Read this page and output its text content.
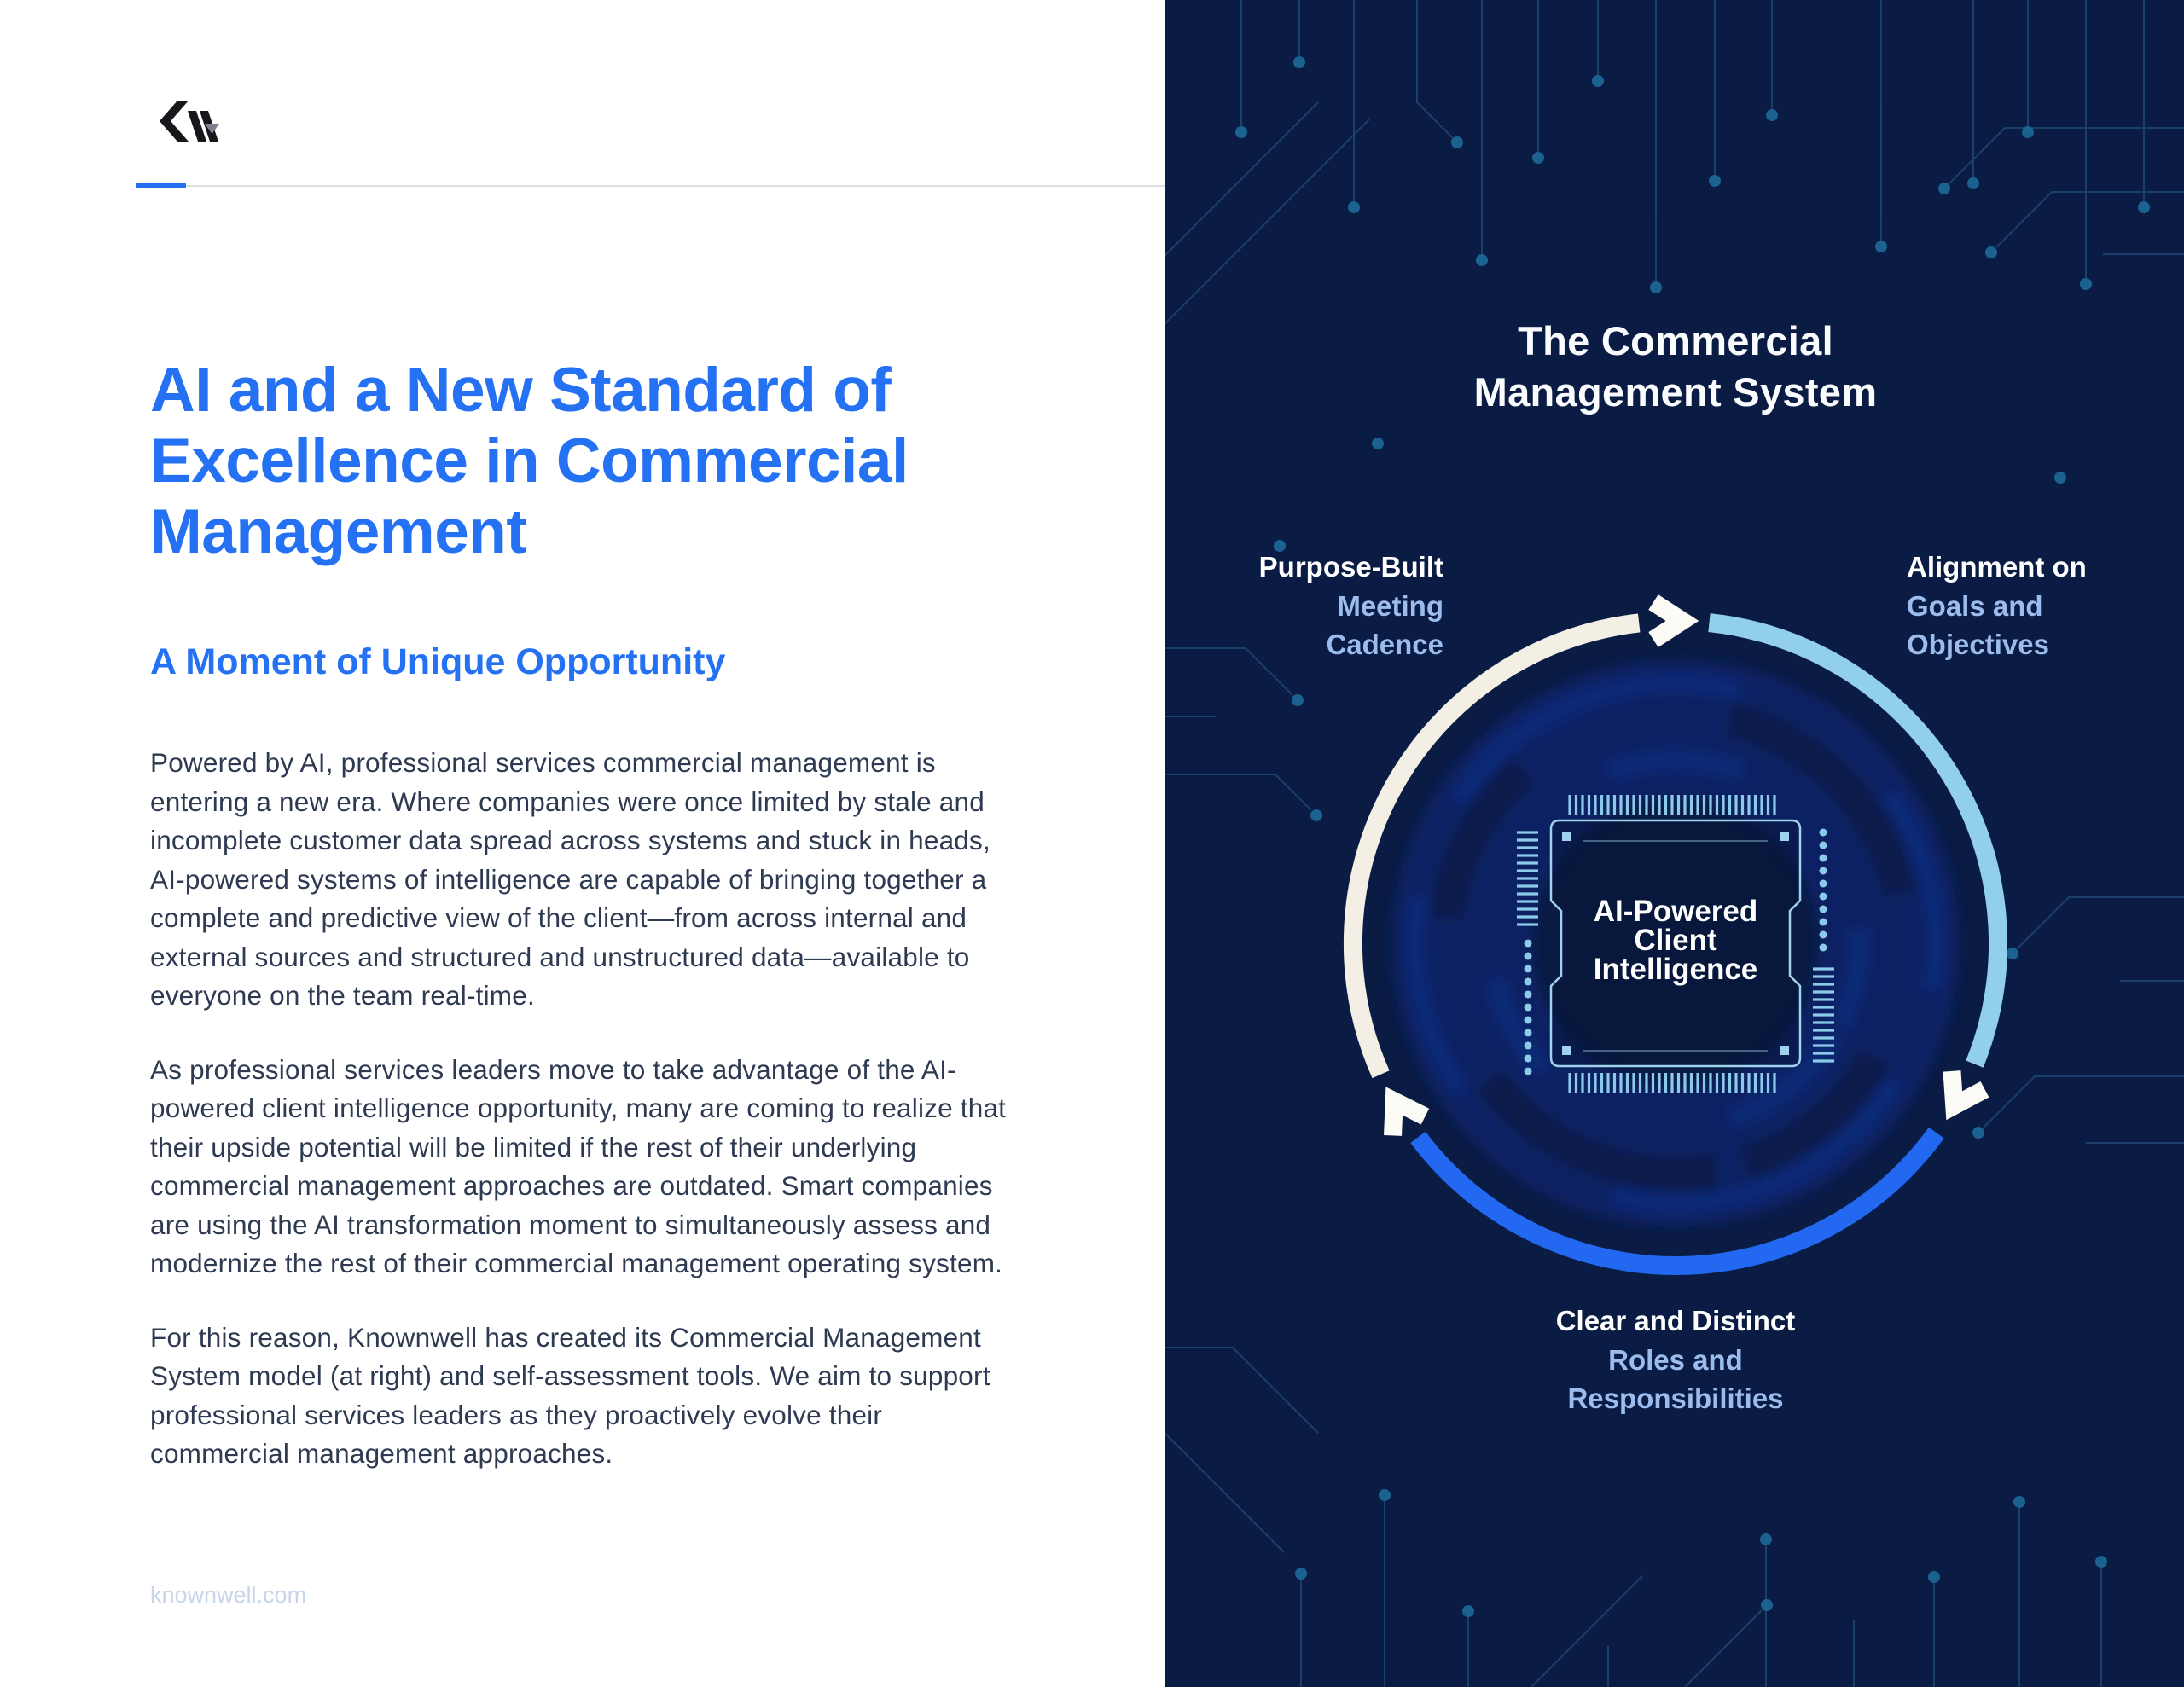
AI and a New Standard of
Excellence in Commercial
Management
A Moment of Unique Opportunity

Powered by AI, professional services commercial management is entering a new era. Where companies were once limited by stale and incomplete customer data spread across systems and stuck in heads, AI-powered systems of intelligence are capable of bringing together a complete and predictive view of the client—from across internal and external sources and structured and unstructured data—available to everyone on the team real-time.

As professional services leaders move to take advantage of the AI-powered client intelligence opportunity, many are coming to realize that their upside potential will be limited if the rest of their underlying commercial management approaches are outdated. Smart companies are using the AI transformation moment to simultaneously assess and modernize the rest of their commercial management operating system.

For this reason, Knownwell has created its Commercial Management System model (at right) and self-assessment tools. We aim to support professional services leaders as they proactively evolve their commercial management approaches.

knownwell.com
The Commercial
Management System
AI-Powered
Client
Intelligence
Purpose-Built
Meeting
Cadence
Alignment on
Goals and
Objectives
Clear and Distinct
Roles and
Responsibilities
